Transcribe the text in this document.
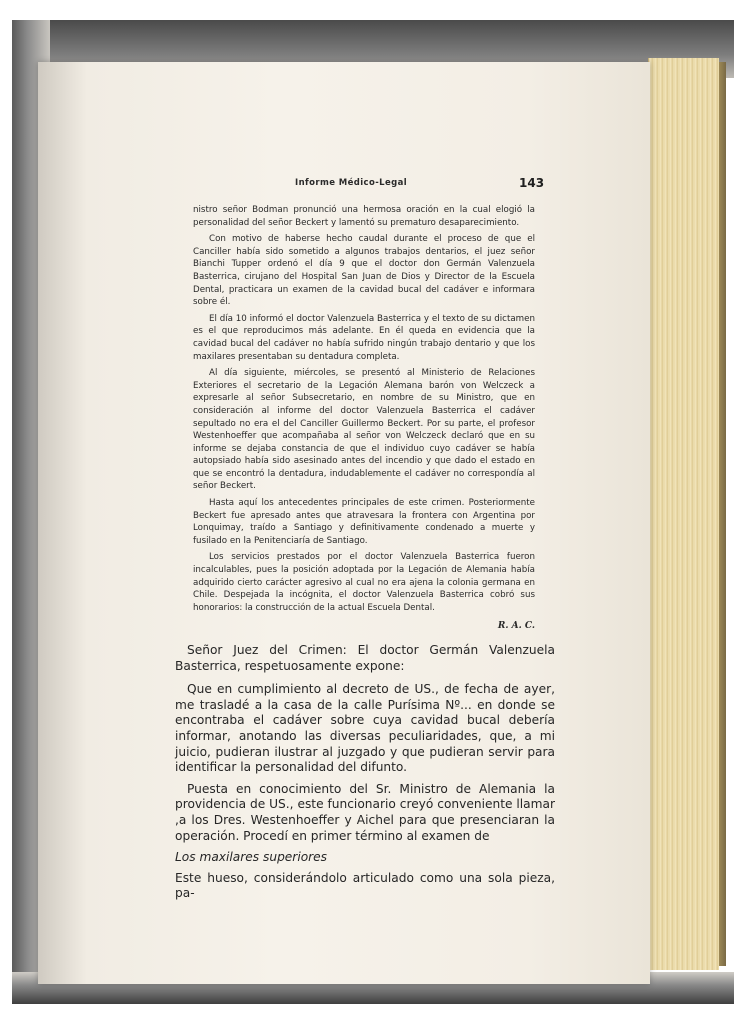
Informe Médico-Legal	143

nistro señor Bodman pronunció una hermosa oración en la cual elogió la personalidad del señor Beckert y lamentó su prematuro desaparecimiento.

Con motivo de haberse hecho caudal durante el proceso de que el Canciller había sido sometido a algunos trabajos dentarios, el juez señor Bianchi Tupper ordenó el día 9 que el doctor don Germán Valenzuela Basterrica, cirujano del Hospital San Juan de Dios y Director de la Escuela Dental, practicara un examen de la cavidad bucal del cadáver e informara sobre él.

El día 10 informó el doctor Valenzuela Basterrica y el texto de su dictamen es el que reproducimos más adelante. En él queda en evidencia que la cavidad bucal del cadáver no había sufrido ningún trabajo dentario y que los maxilares presentaban su dentadura completa.

Al día siguiente, miércoles, se presentó al Ministerio de Relaciones Exteriores el secretario de la Legación Alemana barón von Welczeck a expresarle al señor Subsecretario, en nombre de su Ministro, que en consideración al informe del doctor Valenzuela Basterrica el cadáver sepultado no era el del Canciller Guillermo Beckert. Por su parte, el profesor Westenhoeffer que acompañaba al señor von Welczeck declaró que en su informe se dejaba constancia de que el individuo cuyo cadáver se había autopsiado había sido asesinado antes del incendio y que dado el estado en que se encontró la dentadura, indudablemente el cadáver no correspondía al señor Beckert.

Hasta aquí los antecedentes principales de este crimen. Posteriormente Beckert fue apresado antes que atravesara la frontera con Argentina por Lonquimay, traído a Santiago y definitivamente condenado a muerte y fusilado en la Penitenciaría de Santiago.

Los servicios prestados por el doctor Valenzuela Basterrica fueron incalculables, pues la posición adoptada por la Legación de Alemania había adquirido cierto carácter agresivo al cual no era ajena la colonia germana en Chile. Despejada la incógnita, el doctor Valenzuela Basterrica cobró sus honorarios: la construcción de la actual Escuela Dental.

R. A. C.

Señor Juez del Crimen: El doctor Germán Valenzuela Basterrica, respetuosamente expone:

Que en cumplimiento al decreto de US., de fecha de ayer, me trasladé a la casa de la calle Purísima Nº... en donde se encontraba el cadáver sobre cuya cavidad bucal debería informar, anotando las diversas peculiaridades, que, a mi juicio, pudieran ilustrar al juzgado y que pudieran servir para identificar la personalidad del difunto.

Puesta en conocimiento del Sr. Ministro de Alemania la providencia de US., este funcionario creyó conveniente llamar ,a los Dres. Westenhoeffer y Aichel para que presenciaran la operación. Procedí en primer término al examen de

Los maxilares superiores

Este hueso, considerándolo articulado como una sola pieza, pa-
